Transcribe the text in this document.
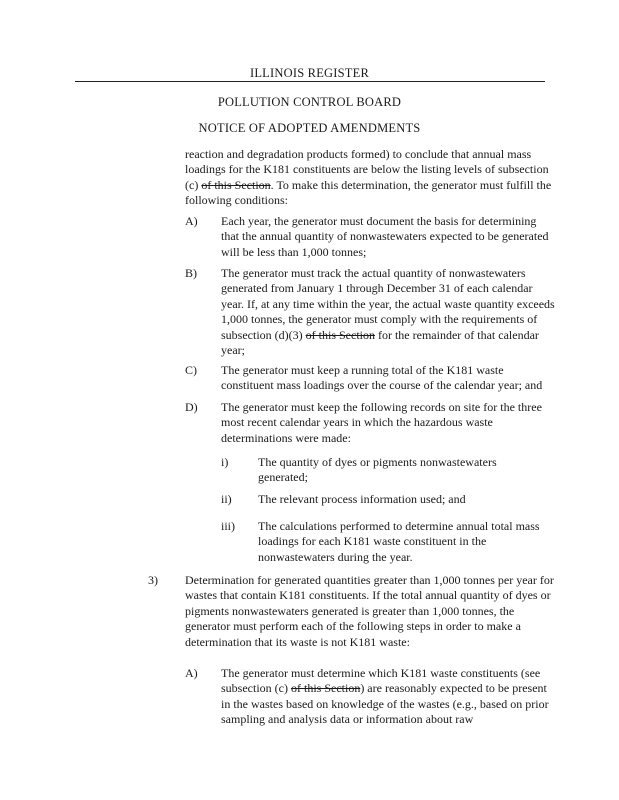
ILLINOIS REGISTER
POLLUTION CONTROL BOARD
NOTICE OF ADOPTED AMENDMENTS
reaction and degradation products formed) to conclude that annual mass loadings for the K181 constituents are below the listing levels of subsection (c) of this Section. To make this determination, the generator must fulfill the following conditions:
A) Each year, the generator must document the basis for determining that the annual quantity of nonwastewaters expected to be generated will be less than 1,000 tonnes;
B) The generator must track the actual quantity of nonwastewaters generated from January 1 through December 31 of each calendar year. If, at any time within the year, the actual waste quantity exceeds 1,000 tonnes, the generator must comply with the requirements of subsection (d)(3) of this Section for the remainder of that calendar year;
C) The generator must keep a running total of the K181 waste constituent mass loadings over the course of the calendar year; and
D) The generator must keep the following records on site for the three most recent calendar years in which the hazardous waste determinations were made:
i) The quantity of dyes or pigments nonwastewaters generated;
ii) The relevant process information used; and
iii) The calculations performed to determine annual total mass loadings for each K181 waste constituent in the nonwastewaters during the year.
3) Determination for generated quantities greater than 1,000 tonnes per year for wastes that contain K181 constituents. If the total annual quantity of dyes or pigments nonwastewaters generated is greater than 1,000 tonnes, the generator must perform each of the following steps in order to make a determination that its waste is not K181 waste:
A) The generator must determine which K181 waste constituents (see subsection (c) of this Section) are reasonably expected to be present in the wastes based on knowledge of the wastes (e.g., based on prior sampling and analysis data or information about raw
